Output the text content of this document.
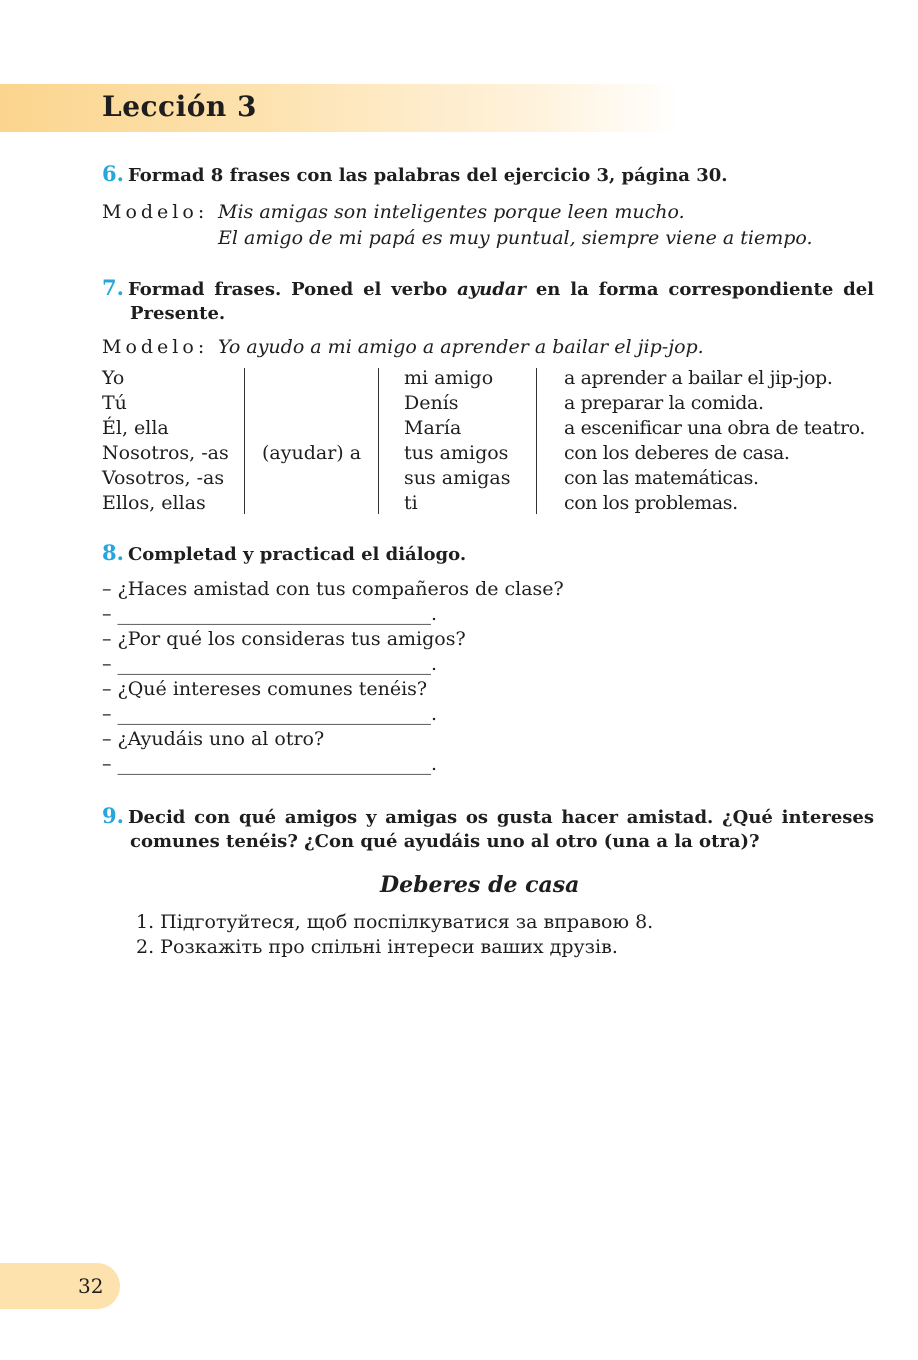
Lección 3
6. Formad 8 frases con las palabras del ejercicio 3, página 30.
Modelo: Mis amigas son inteligentes porque leen mucho.
El amigo de mi papá es muy puntual, siempre viene a tiempo.
7. Formad frases. Poned el verbo ayudar en la forma correspondiente del Presente.
Modelo: Yo ayudo a mi amigo a aprender a bailar el jip-jop.
Yo
Tú
Él, ella
Nosotros, -as
Vosotros, -as
Ellos, ellas
(ayudar) a
mi amigo
Denís
María
tus amigos
sus amigas
ti
a aprender a bailar el jip-jop.
a preparar la comida.
a escenificar una obra de teatro.
con los deberes de casa.
con las matemáticas.
con los problemas.
8. Completad y practicad el diálogo.
– ¿Haces amistad con tus compañeros de clase?
– _________________________________.
– ¿Por qué los consideras tus amigos?
– _________________________________.
– ¿Qué intereses comunes tenéis?
– _________________________________.
– ¿Ayudáis uno al otro?
– _________________________________.
9. Decid con qué amigos y amigas os gusta hacer amistad. ¿Qué intereses comunes tenéis? ¿Con qué ayudáis uno al otro (una a la otra)?
Deberes de casa
1. Підготуйтеся, щоб поспілкуватися за вправою 8.
2. Розкажіть про спільні інтереси ваших друзів.
32
